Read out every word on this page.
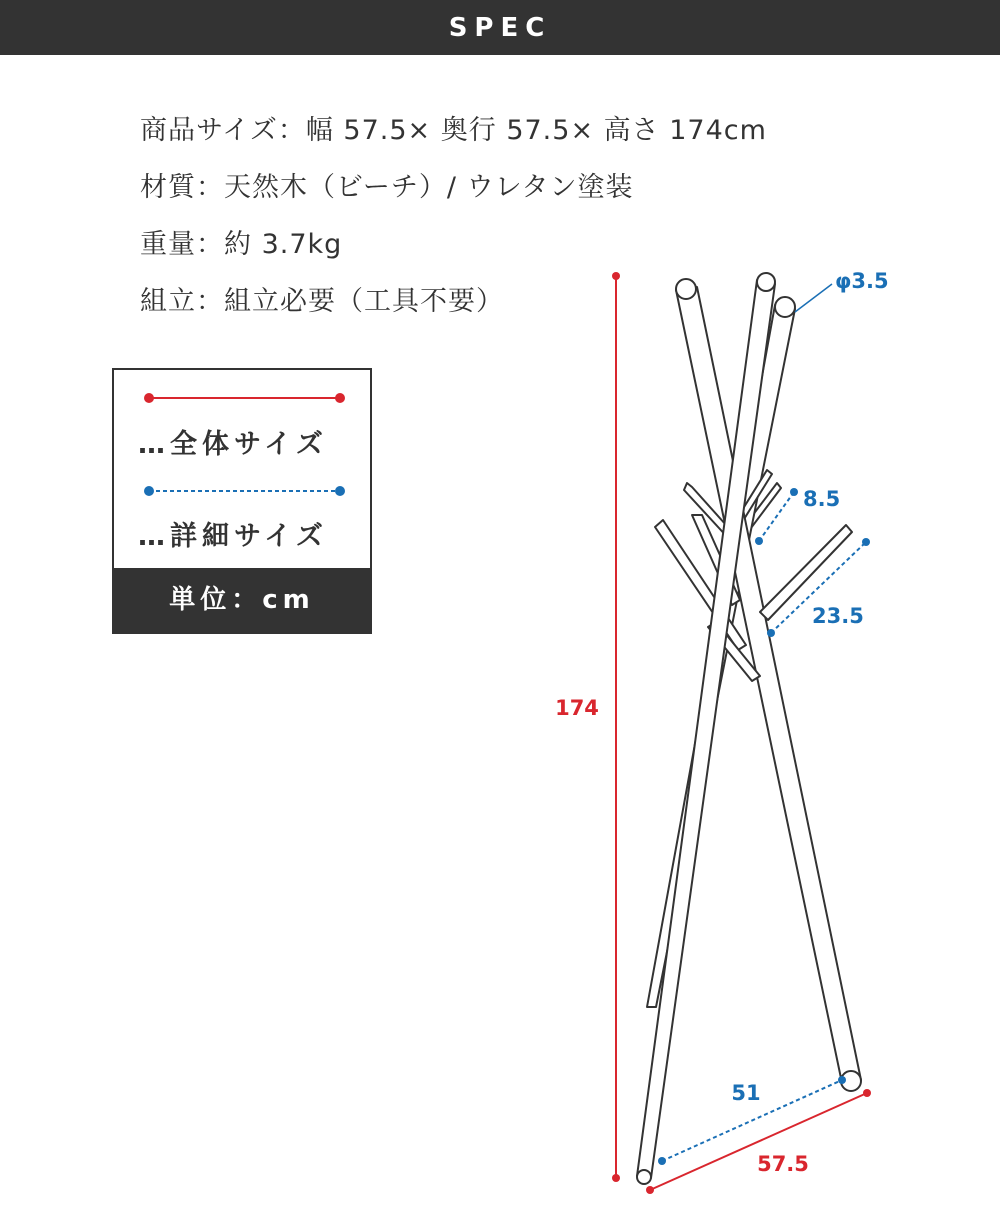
SPEC
商品サイズ：幅 57.5× 奥行 57.5× 高さ 174cm
材質：天然木（ビーチ）/ ウレタン塗装
重量：約 3.7kg
組立：組立必要（工具不要）
…全体サイズ
…詳細サイズ
単位：cm
174
57.5
51
φ3.5
8.5
23.5
